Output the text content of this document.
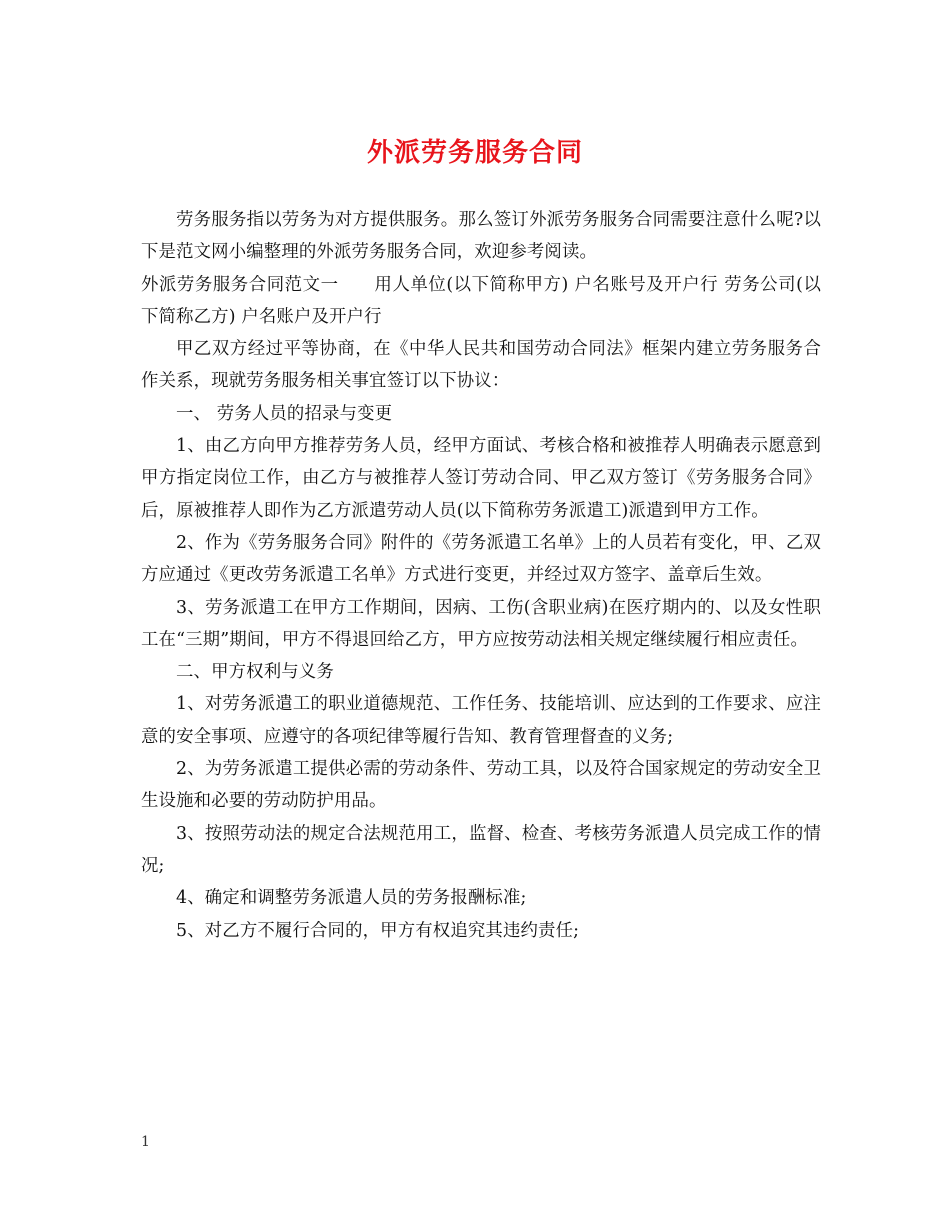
外派劳务服务合同

劳务服务指以劳务为对方提供服务。那么签订外派劳务服务合同需要注意什么呢?以下是范文网小编整理的外派劳务服务合同，欢迎参考阅读。

外派劳务服务合同范文一　　用人单位(以下简称甲方) 户名账号及开户行 劳务公司(以下简称乙方) 户名账户及开户行

甲乙双方经过平等协商，在《中华人民共和国劳动合同法》框架内建立劳务服务合作关系，现就劳务服务相关事宜签订以下协议：

一、 劳务人员的招录与变更

1、由乙方向甲方推荐劳务人员，经甲方面试、考核合格和被推荐人明确表示愿意到甲方指定岗位工作，由乙方与被推荐人签订劳动合同、甲乙双方签订《劳务服务合同》后，原被推荐人即作为乙方派遣劳动人员(以下简称劳务派遣工)派遣到甲方工作。

2、作为《劳务服务合同》附件的《劳务派遣工名单》上的人员若有变化，甲、乙双方应通过《更改劳务派遣工名单》方式进行变更，并经过双方签字、盖章后生效。

3、劳务派遣工在甲方工作期间，因病、工伤(含职业病)在医疗期内的、以及女性职工在“三期”期间，甲方不得退回给乙方，甲方应按劳动法相关规定继续履行相应责任。

二、甲方权利与义务

1、对劳务派遣工的职业道德规范、工作任务、技能培训、应达到的工作要求、应注意的安全事项、应遵守的各项纪律等履行告知、教育管理督查的义务;

2、为劳务派遣工提供必需的劳动条件、劳动工具，以及符合国家规定的劳动安全卫生设施和必要的劳动防护用品。

3、按照劳动法的规定合法规范用工，监督、检查、考核劳务派遣人员完成工作的情况;

4、确定和调整劳务派遣人员的劳务报酬标准;

5、对乙方不履行合同的，甲方有权追究其违约责任;

1
